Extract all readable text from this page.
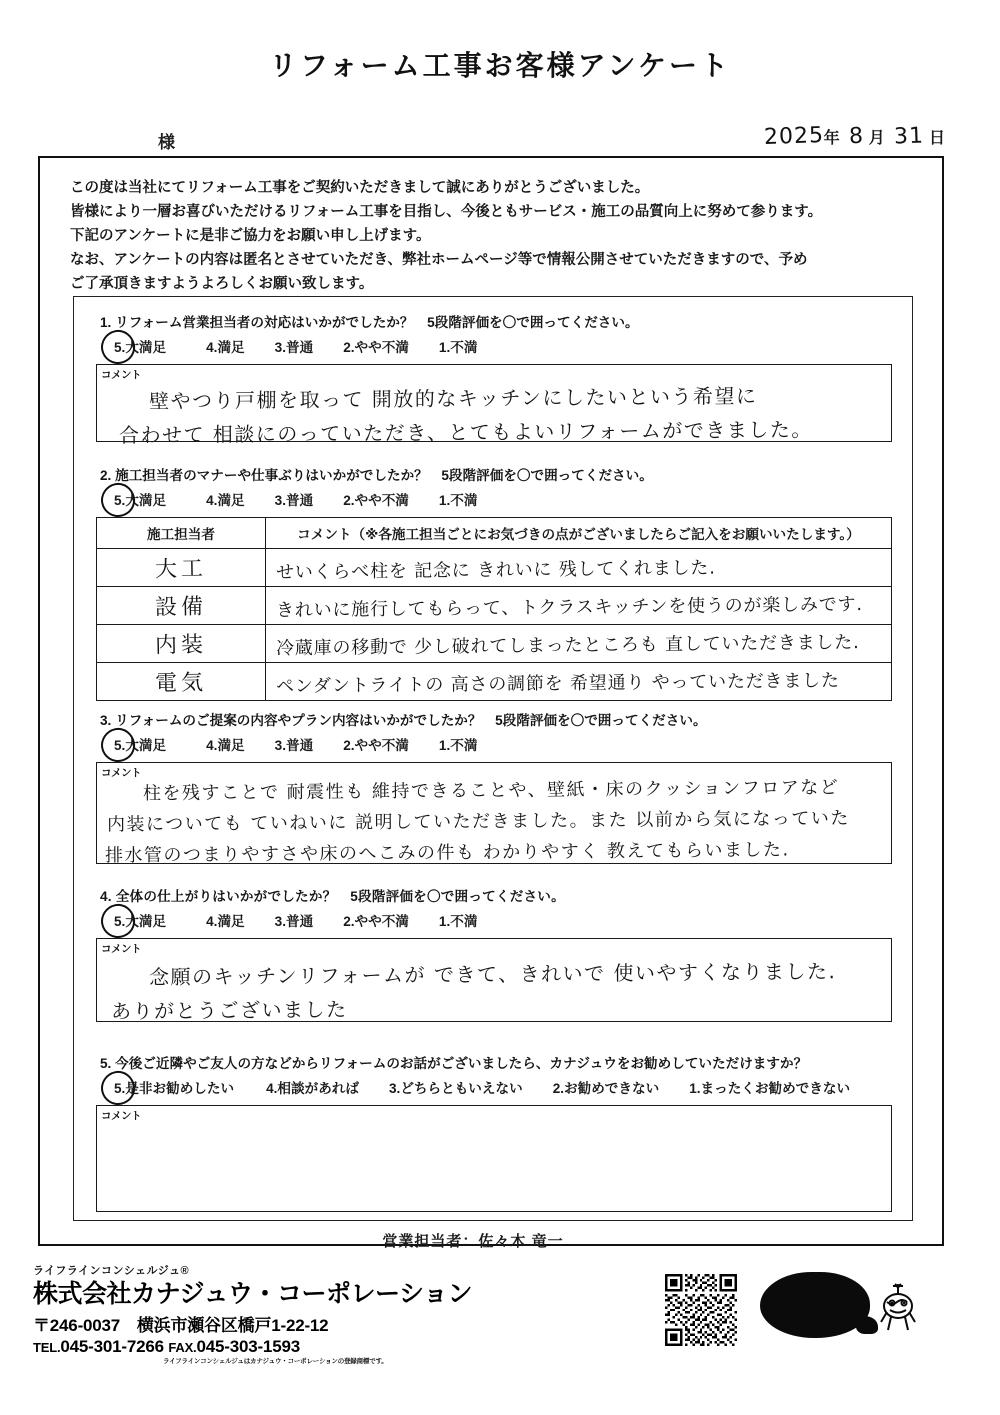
リフォーム工事お客様アンケート
様	2025年 8 月 31 日
この度は当社にてリフォーム工事をご契約いただきまして誠にありがとうございました。
皆様により一層お喜びいただけるリフォーム工事を目指し、今後ともサービス・施工の品質向上に努めて参ります。
下記のアンケートに是非ご協力をお願い申し上げます。
なお、アンケートの内容は匿名とさせていただき、弊社ホームページ等で情報公開させていただきますので、予め
ご了承頂きますようよろしくお願い致します。
1. リフォーム営業担当者の対応はいかがでしたか？　5段階評価を〇で囲ってください。
5.大満足	4.満足 3.普通 2.やや不満 1.不満
コメント
壁やつり戸棚を取って 開放的なキッチンにしたいという希望に
合わせて 相談にのっていただき、とてもよいリフォームができました。
2. 施工担当者のマナーや仕事ぶりはいかがでしたか？　5段階評価を〇で囲ってください。
5.大満足	4.満足 3.普通 2.やや不満 1.不満
施工担当者	コメント（※各施工担当ごとにお気づきの点がございましたらご記入をお願いいたします。）
大工	せいくらべ柱を 記念に きれいに 残してくれました.

設備	きれいに施行してもらって、トクラスキッチンを使うのが楽しみです.

内装	冷蔵庫の移動で 少し破れてしまったところも 直していただきました.

電気	ペンダントライトの 高さの調節を 希望通り やっていただきました
3. リフォームのご提案の内容やプラン内容はいかがでしたか？　5段階評価を〇で囲ってください。
5.大満足	4.満足 3.普通 2.やや不満 1.不満
コメント
柱を残すことで 耐震性も 維持できることや、壁紙・床のクッションフロアなど
内装についても ていねいに 説明していただきました。また 以前から気になっていた
排水管のつまりやすさや床のへこみの件も わかりやすく 教えてもらいました.
4. 全体の仕上がりはいかがでしたか？　5段階評価を〇で囲ってください。
5.大満足	4.満足 3.普通 2.やや不満 1.不満
コメント
念願のキッチンリフォームが できて、きれいで 使いやすくなりました.
ありがとうございました
5. 今後ご近隣やご友人の方などからリフォームのお話がございましたら、カナジュウをお勧めしていただけますか？
5.是非お勧めしたい 4.相談があれば 3.どちらともいえない 2.お勧めできない 1.まったくお勧めできない
コメント
営業担当者：佐々木 竜一
ライフラインコンシェルジュ®
株式会社カナジュウ・コーポレーション
〒246-0037　横浜市瀬谷区橋戸1-22-12
TEL.045-301-7266 FAX.045-303-1593
ライフラインコンシェルジュはカナジュウ・コーポレーションの登録商標です。
